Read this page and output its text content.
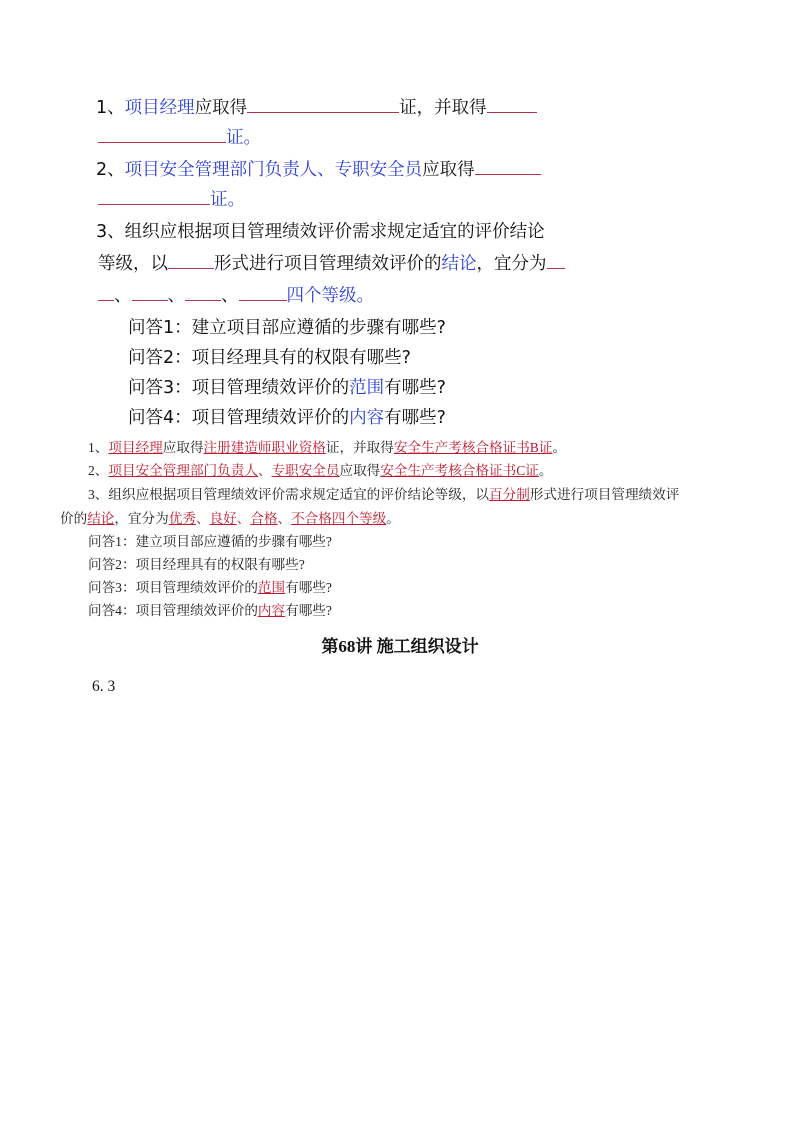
1、项目经理应取得	证，并取得
证。
2、项目安全管理部门负责人、专职安全员应取得
证。
3、组织应根据项目管理绩效评价需求规定适宜的评价结论
等级，以	形式进行项目管理绩效评价的结论，宜分为
、 、 、	四个等级。
问答1：建立项目部应遵循的步骤有哪些?
问答2：项目经理具有的权限有哪些?
问答3：项目管理绩效评价的范围有哪些?
问答4：项目管理绩效评价的内容有哪些?
1、项目经理应取得注册建造师职业资格证，并取得安全生产考核合格证书B证。
2、项目安全管理部门负责人、专职安全员应取得安全生产考核合格证书C证。
3、组织应根据项目管理绩效评价需求规定适宜的评价结论等级，以百分制形式进行项目管理绩效评
价的结论，宜分为优秀、良好、合格、不合格四个等级。
问答1：建立项目部应遵循的步骤有哪些?
问答2：项目经理具有的权限有哪些?
问答3：项目管理绩效评价的范围有哪些?
问答4：项目管理绩效评价的内容有哪些?
第68讲 施工组织设计
6. 3
